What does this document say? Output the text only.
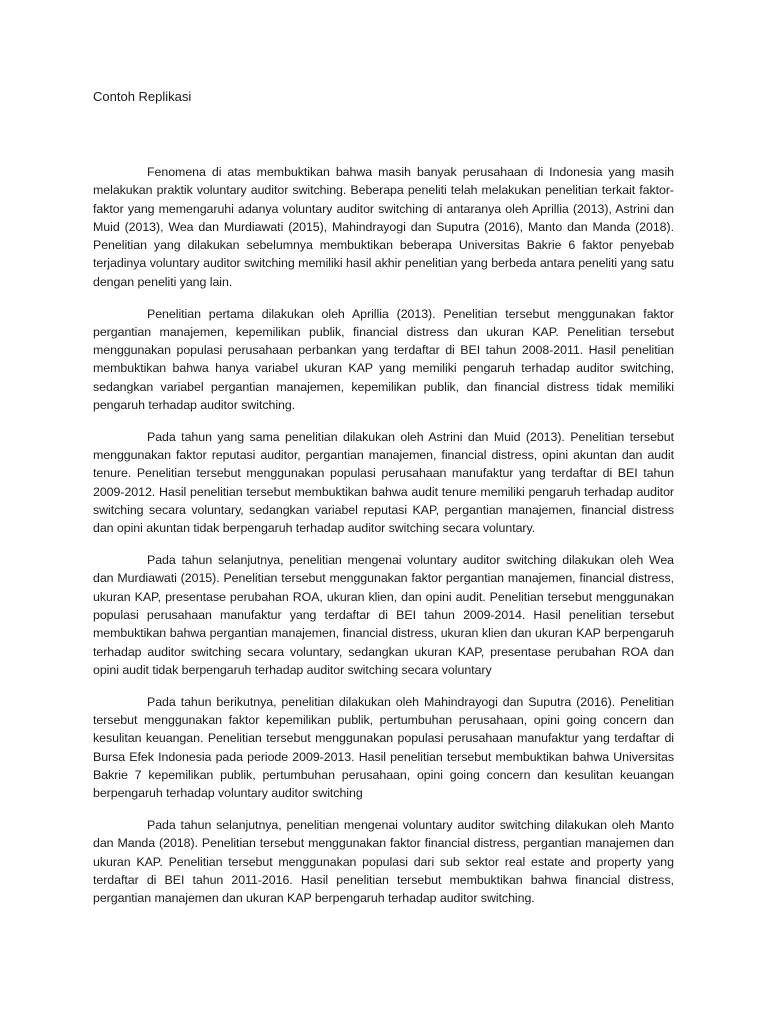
Contoh Replikasi

Fenomena di atas membuktikan bahwa masih banyak perusahaan di Indonesia yang masih melakukan praktik voluntary auditor switching. Beberapa peneliti telah melakukan penelitian terkait faktor-faktor yang memengaruhi adanya voluntary auditor switching di antaranya oleh Aprillia (2013), Astrini dan Muid (2013), Wea dan Murdiawati (2015), Mahindrayogi dan Suputra (2016), Manto dan Manda (2018). Penelitian yang dilakukan sebelumnya membuktikan beberapa Universitas Bakrie 6 faktor penyebab terjadinya voluntary auditor switching memiliki hasil akhir penelitian yang berbeda antara peneliti yang satu dengan peneliti yang lain.

Penelitian pertama dilakukan oleh Aprillia (2013). Penelitian tersebut menggunakan faktor pergantian manajemen, kepemilikan publik, financial distress dan ukuran KAP. Penelitian tersebut menggunakan populasi perusahaan perbankan yang terdaftar di BEI tahun 2008-2011. Hasil penelitian membuktikan bahwa hanya variabel ukuran KAP yang memiliki pengaruh terhadap auditor switching, sedangkan variabel pergantian manajemen, kepemilikan publik, dan financial distress tidak memiliki pengaruh terhadap auditor switching.

Pada tahun yang sama penelitian dilakukan oleh Astrini dan Muid (2013). Penelitian tersebut menggunakan faktor reputasi auditor, pergantian manajemen, financial distress, opini akuntan dan audit tenure. Penelitian tersebut menggunakan populasi perusahaan manufaktur yang terdaftar di BEI tahun 2009-2012. Hasil penelitian tersebut membuktikan bahwa audit tenure memiliki pengaruh terhadap auditor switching secara voluntary, sedangkan variabel reputasi KAP, pergantian manajemen, financial distress dan opini akuntan tidak berpengaruh terhadap auditor switching secara voluntary.

Pada tahun selanjutnya, penelitian mengenai voluntary auditor switching dilakukan oleh Wea dan Murdiawati (2015). Penelitian tersebut menggunakan faktor pergantian manajemen, financial distress, ukuran KAP, presentase perubahan ROA, ukuran klien, dan opini audit. Penelitian tersebut menggunakan populasi perusahaan manufaktur yang terdaftar di BEI tahun 2009-2014. Hasil penelitian tersebut membuktikan bahwa pergantian manajemen, financial distress, ukuran klien dan ukuran KAP berpengaruh terhadap auditor switching secara voluntary, sedangkan ukuran KAP, presentase perubahan ROA dan opini audit tidak berpengaruh terhadap auditor switching secara voluntary

Pada tahun berikutnya, penelitian dilakukan oleh Mahindrayogi dan Suputra (2016). Penelitian tersebut menggunakan faktor kepemilikan publik, pertumbuhan perusahaan, opini going concern dan kesulitan keuangan. Penelitian tersebut menggunakan populasi perusahaan manufaktur yang terdaftar di Bursa Efek Indonesia pada periode 2009-2013. Hasil penelitian tersebut membuktikan bahwa Universitas Bakrie 7 kepemilikan publik, pertumbuhan perusahaan, opini going concern dan kesulitan keuangan berpengaruh terhadap voluntary auditor switching

Pada tahun selanjutnya, penelitian mengenai voluntary auditor switching dilakukan oleh Manto dan Manda (2018). Penelitian tersebut menggunakan faktor financial distress, pergantian manajemen dan ukuran KAP. Penelitian tersebut menggunakan populasi dari sub sektor real estate and property yang terdaftar di BEI tahun 2011-2016. Hasil penelitian tersebut membuktikan bahwa financial distress, pergantian manajemen dan ukuran KAP berpengaruh terhadap auditor switching.
